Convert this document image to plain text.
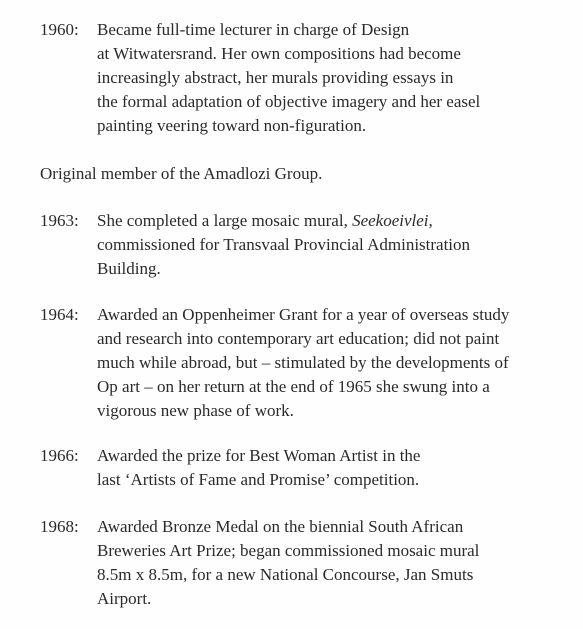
1960:	Became full-time lecturer in charge of Design
at Witwatersrand. Her own compositions had become
increasingly abstract, her murals providing essays in
the formal adaptation of objective imagery and her easel
painting veering toward non-figuration.
Original member of the Amadlozi Group.
1963:	She completed a large mosaic mural, Seekoeivlei,
commissioned for Transvaal Provincial Administration
Building.
1964:	Awarded an Oppenheimer Grant for a year of overseas study
and research into contemporary art education; did not paint
much while abroad, but – stimulated by the developments of
Op art – on her return at the end of 1965 she swung into a
vigorous new phase of work.
1966:	Awarded the prize for Best Woman Artist in the
last ‘Artists of Fame and Promise’ competition.
1968:	Awarded Bronze Medal on the biennial South African
Breweries Art Prize; began commissioned mosaic mural
8.5m x 8.5m, for a new National Concourse, Jan Smuts
Airport.
